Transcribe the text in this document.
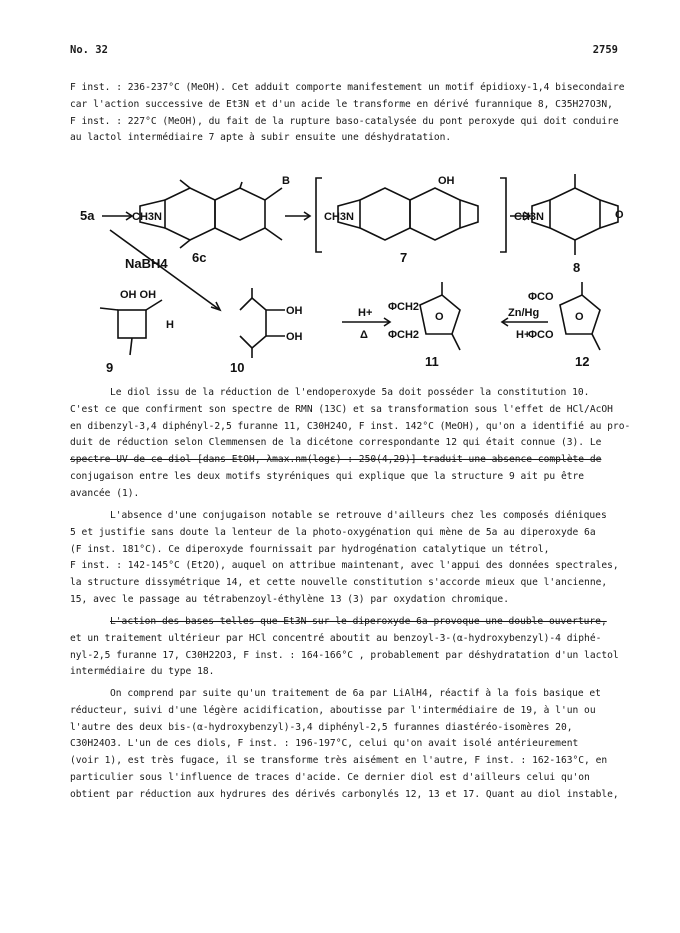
No. 32	2759
F inst. : 236-237°C (MeOH). Cet adduit comporte manifestement un motif épidioxy-1,4 bisecondaire
car l'action successive de Et3N et d'un acide le transforme en dérivé furannique 8, C35H27O3N,
F inst. : 227°C (MeOH), du fait de la rupture baso-catalysée du pont peroxyde qui doit conduire
au lactol intermédiaire 7 apte à subir ensuite une déshydratation.
5a	CH3N
B
6c
NaBH4
CH3N
OH
7
CH3N	O
8
OH OH
H
9
OH
OH
10
H+
Δ
ΦCH2
ΦCH2
O
11
Zn/Hg
H+
ΦCO
ΦCO
O
12
Le diol issu de la réduction de l'endoperoxyde 5a doit posséder la constitution 10.
C'est ce que confirment son spectre de RMN (13C) et sa transformation sous l'effet de HCl/AcOH
en dibenzyl-3,4 diphényl-2,5 furanne 11, C30H24O, F inst. 142°C (MeOH), qu'on a identifié au pro-
duit de réduction selon Clemmensen de la dicétone correspondante 12 qui était connue (3). Le
spectre UV de ce diol [dans EtOH, λmax.nm(logε) : 250(4,29)] traduit une absence complète de
conjugaison entre les deux motifs styréniques qui explique que la structure 9 ait pu être
avancée (1).
L'absence d'une conjugaison notable se retrouve d'ailleurs chez les composés diéniques
5 et justifie sans doute la lenteur de la photo-oxygénation qui mène de 5a au diperoxyde 6a
(F inst. 181°C). Ce diperoxyde fournissait par hydrogénation catalytique un tétrol,
F inst. : 142-145°C (Et2O), auquel on attribue maintenant, avec l'appui des données spectrales,
la structure dissymétrique 14, et cette nouvelle constitution s'accorde mieux que l'ancienne,
15, avec le passage au tétrabenzoyl-éthylène 13 (3) par oxydation chromique.
L'action des bases telles que Et3N sur le diperoxyde 6a provoque une double ouverture,
et un traitement ultérieur par HCl concentré aboutit au benzoyl-3-(α-hydroxybenzyl)-4 diphé-
nyl-2,5 furanne 17, C30H22O3, F inst. : 164-166°C , probablement par déshydratation d'un lactol
intermédiaire du type 18.
On comprend par suite qu'un traitement de 6a par LiAlH4, réactif à la fois basique et
réducteur, suivi d'une légère acidification, aboutisse par l'intermédiaire de 19, à l'un ou
l'autre des deux bis-(α-hydroxybenzyl)-3,4 diphényl-2,5 furannes diastéréo-isomères 20,
C30H24O3. L'un de ces diols, F inst. : 196-197°C, celui qu'on avait isolé antérieurement
(voir 1), est très fugace, il se transforme très aisément en l'autre, F inst. : 162-163°C, en
particulier sous l'influence de traces d'acide. Ce dernier diol est d'ailleurs celui qu'on
obtient par réduction aux hydrures des dérivés carbonylés 12, 13 et 17. Quant au diol instable,
